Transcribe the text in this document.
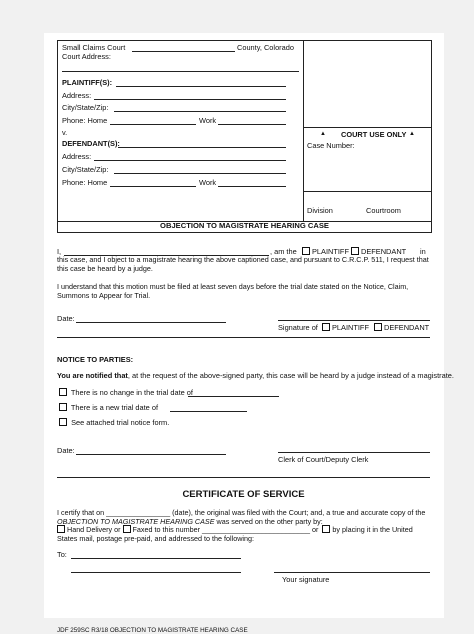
Small Claims Court	County, Colorado
Court Address:
PLAINTIFF(S):
Address:
City/State/Zip:
Phone: Home	Work
v.
DEFENDANT(S):
Address:
City/State/Zip:
Phone: Home	Work
▲ COURT USE ONLY ▲
Case Number:
Division	Courtroom
OBJECTION TO MAGISTRATE HEARING CASE
I,	, am the	PLAINTIFF	DEFENDANT in
this case, and I object to a magistrate hearing the above captioned case, and pursuant to C.R.C.P. 511, I request that this case be heard by a judge.
I understand that this motion must be filed at least seven days before the trial date stated on the Notice, Claim, Summons to Appear for Trial.
Date:
Signature of	PLAINTIFF	DEFENDANT
NOTICE TO PARTIES:
You are notified that, at the request of the above-signed party, this case will be heard by a judge instead of a magistrate.
There is no change in the trial date of
There is a new trial date of
See attached trial notice form.
Date:
Clerk of Court/Deputy Clerk
CERTIFICATE OF SERVICE
I certify that on ________________ (date), the original was filed with the Court; and, a true and accurate copy of the OBJECTION TO MAGISTRATE HEARING CASE was served on the other party by:
Hand Delivery or Faxed to this number ___________________________ or by placing it in the United States mail, postage pre-paid, and addressed to the following:
To:
Your signature
JDF 259SC R3/18 OBJECTION TO MAGISTRATE HEARING CASE
